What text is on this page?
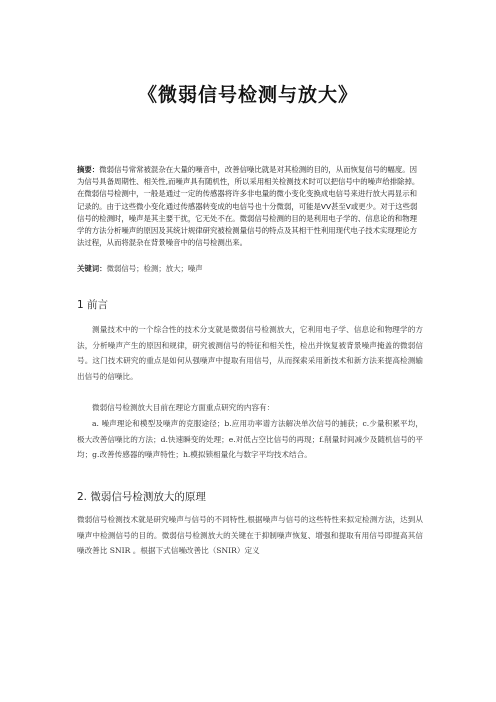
《微弱信号检测与放大》
摘要：微弱信号常常被混杂在大量的噪音中，改善信噪比就是对其检测的目的，从而恢复信号的幅度。因为信号具备周期性、相关性,而噪声具有随机性，所以采用相关检测技术时可以把信号中的噪声给排除掉。在微弱信号检测中，一般是通过一定的传感器将许多非电量的微小变化变换成电信号来进行放大再显示和记录的。由于这些微小变化通过传感器转变成的电信号也十分微弱，可能是VV甚至V或更少。对于这些弱信号的检测时，噪声是其主要干扰，它无处不在。微弱信号检测的目的是利用电子学的、信息论的和物理学的方法分析噪声的原因及其统计规律研究被检测量信号的特点及其相干性利用现代电子技术实现理论方法过程，从而将混杂在背景噪音中的信号检测出来。
关键词：微弱信号；检测；放大；噪声
1 前言
测量技术中的一个综合性的技术分支就是微弱信号检测放大，它利用电子学、信息论和物理学的方法，分析噪声产生的原因和规律，研究被测信号的特征和相关性，检出并恢复被背景噪声掩盖的微弱信号。这门技术研究的重点是如何从强噪声中提取有用信号，从而探索采用新技术和新方法来提高检测输出信号的信噪比。
微弱信号检测放大目前在理论方面重点研究的内容有：
a. 噪声理论和模型及噪声的克服途径；b.应用功率谱方法解决单次信号的捕获；c.少量积累平均，极大改善信噪比的方法；d.快速瞬变的处理；e.对低占空比信号的再现；f.削量时间减少及随机信号的平均；g.改善传感器的噪声特性；h.模拟锁相量化与数字平均技术结合。
2. 微弱信号检测放大的原理
微弱信号检测技术就是研究噪声与信号的不同特性,根据噪声与信号的这些特性来拟定检测方法，达到从噪声中检测信号的目的。微弱信号检测放大的关键在于抑制噪声恢复、增强和提取有用信号即提高其信噪改善比 SNIR 。根据下式信噪改善比（SNIR）定义
